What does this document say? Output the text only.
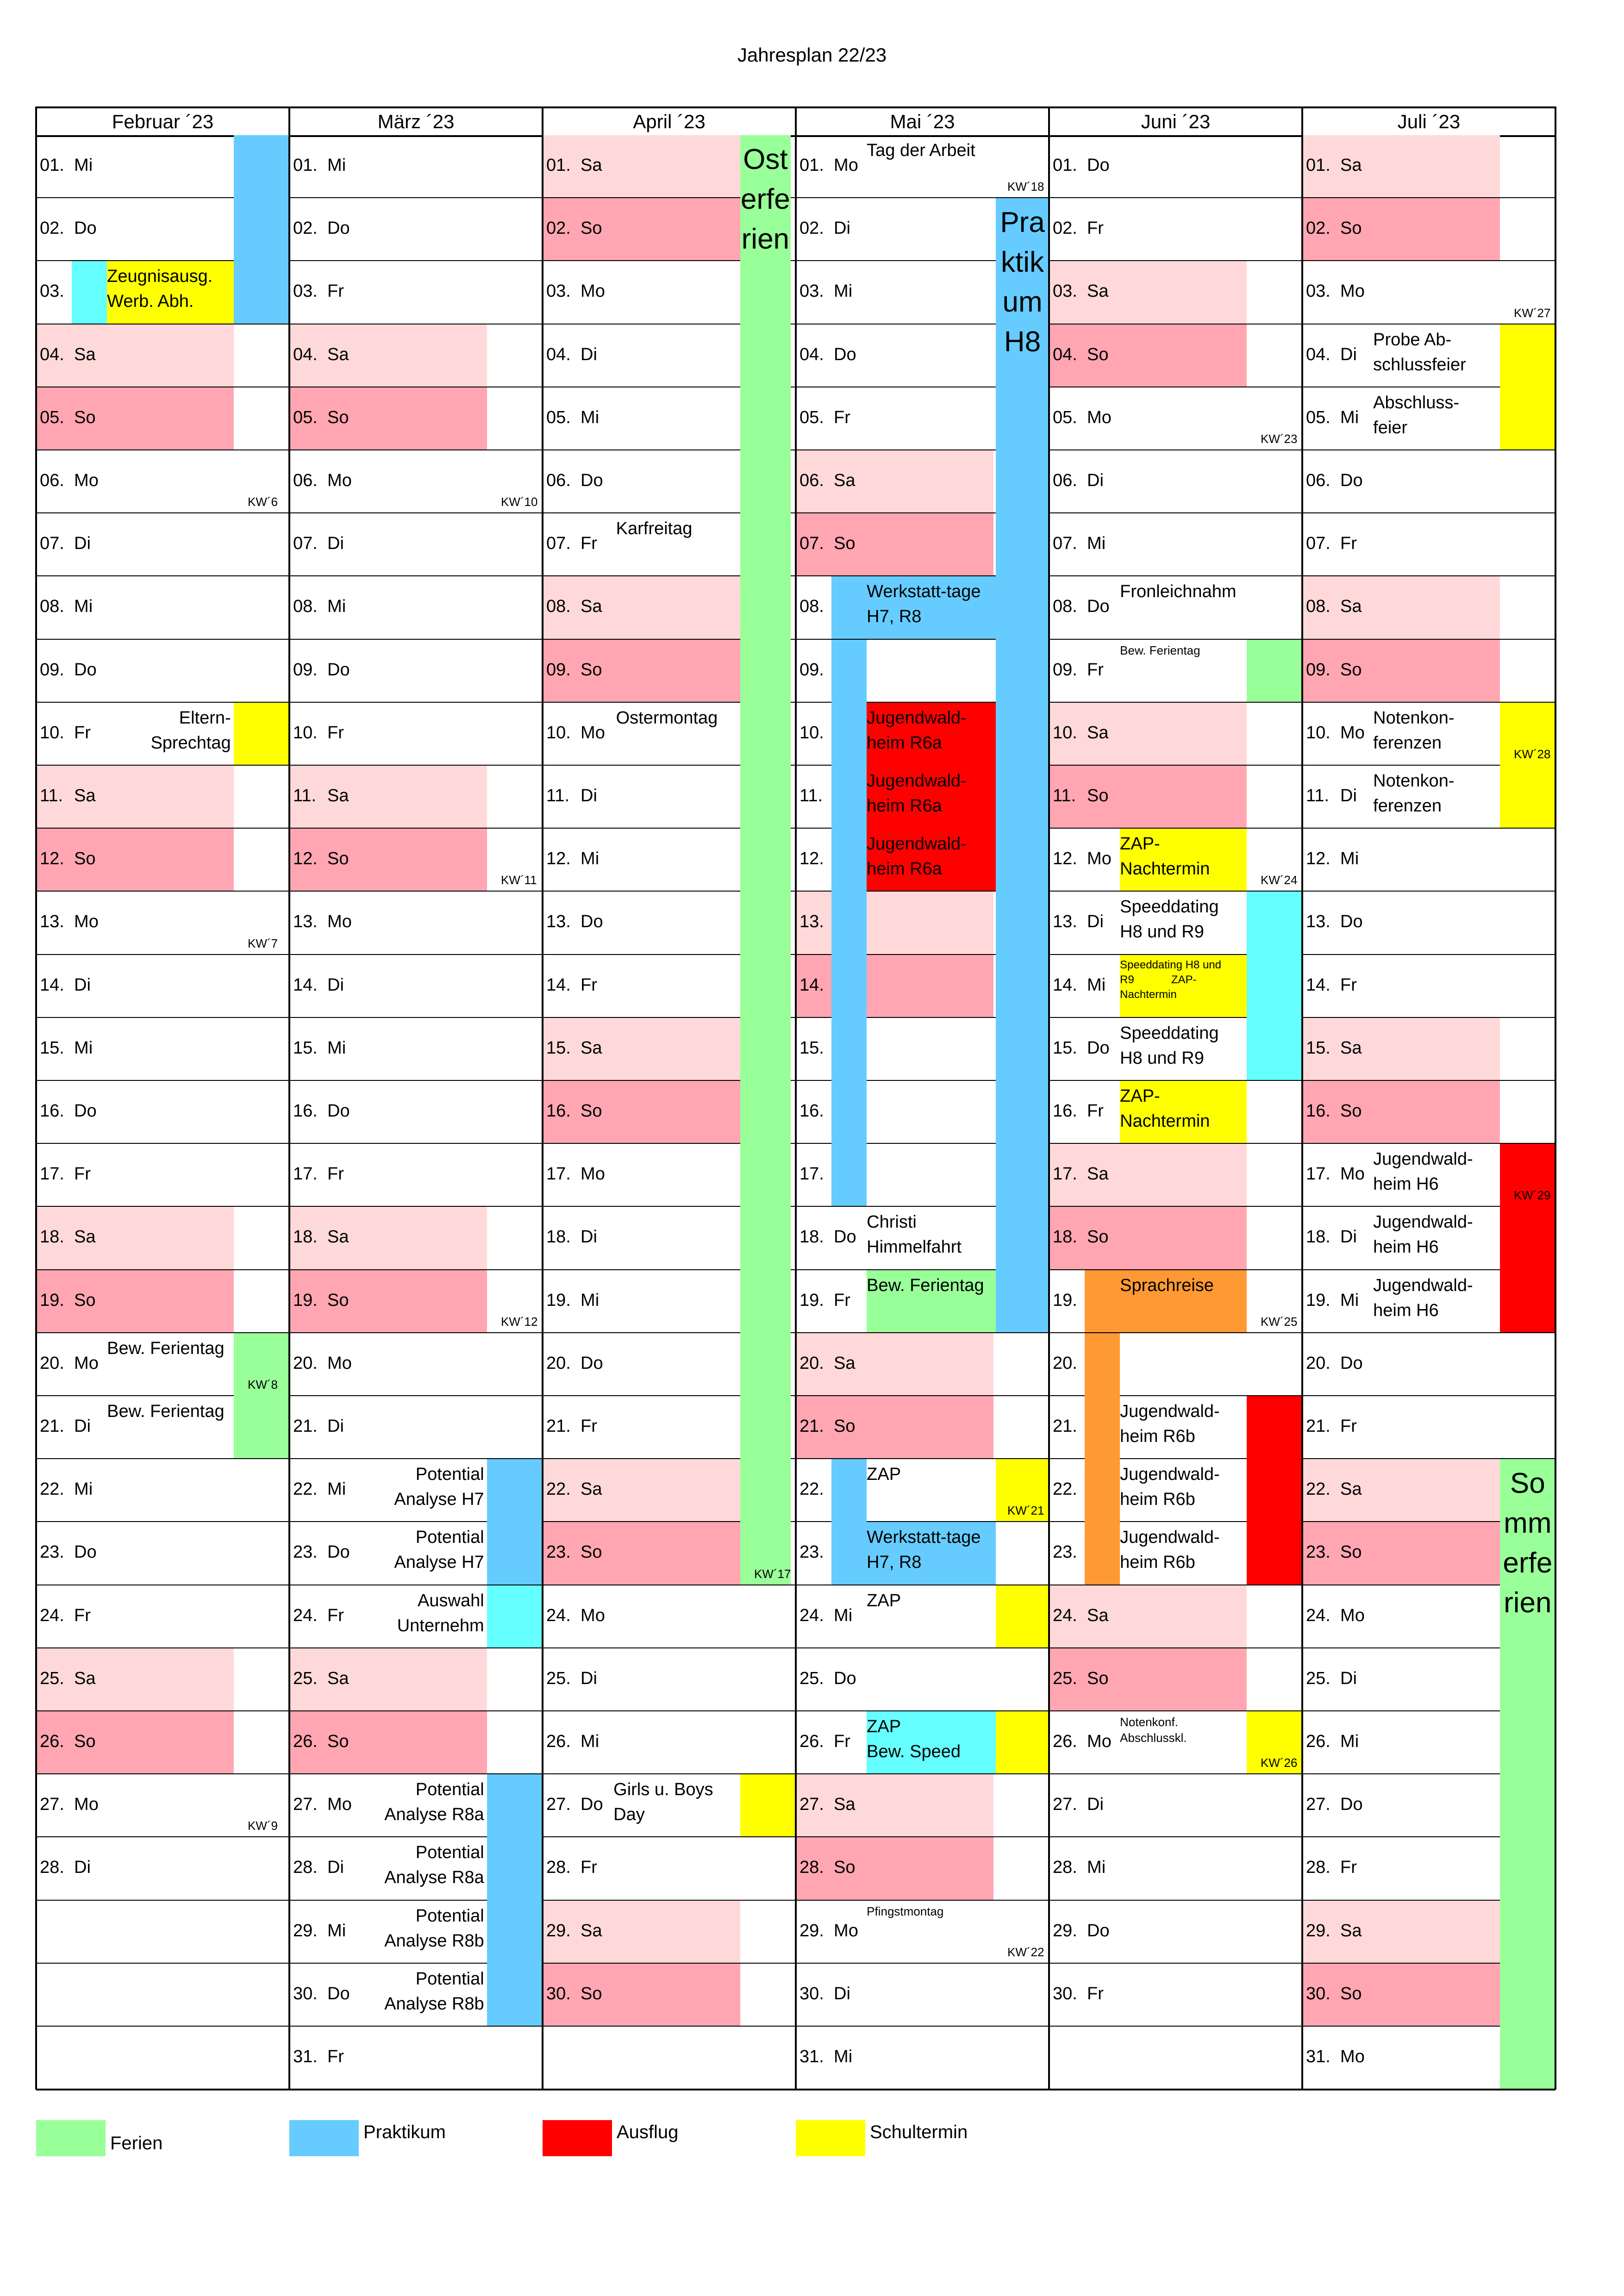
Jahresplan 22/23
Februar ´23
01. Mi
02. Do
03.
04. Sa
05. So
06. Mo
07. Di
08. Mi
09. Do
10. Fr
11. Sa
12. So
13. Mo
14. Di
15. Mi
16. Do
17. Fr
18. Sa
19. So
20. Mo
21. Di
22. Mi
23. Do
24. Fr
25. Sa
26. So
27. Mo
28. Di
März ´23
01. Mi
02. Do
03. Fr
04. Sa
05. So
06. Mo
07. Di
08. Mi
09. Do
10. Fr
11. Sa
12. So
13. Mo
14. Di
15. Mi
16. Do
17. Fr
18. Sa
19. So
20. Mo
21. Di
22. Mi
23. Do
24. Fr
25. Sa
26. So
27. Mo
28. Di
29. Mi
30. Do
31. Fr
April ´23
01. Sa
02. So
03. Mo
04. Di
05. Mi
06. Do
07. Fr
08. Sa
09. So
10. Mo
11. Di
12. Mi
13. Do
14. Fr
15. Sa
16. So
17. Mo
18. Di
19. Mi
20. Do
21. Fr
22. Sa
23. So
24. Mo
25. Di
26. Mi
27. Do
28. Fr
29. Sa
30. So
Mai ´23
01. Mo
02. Di
03. Mi
04. Do
05. Fr
06. Sa
07. So
08.
09.
10.
11.
12.
13.
14.
15.
16.
17.
18. Do
19. Fr
20. Sa
21. So
22.
23.
24. Mi
25. Do
26. Fr
27. Sa
28. So
29. Mo
30. Di
31. Mi
Juni ´23
01. Do
02. Fr
03. Sa
04. So
05. Mo
06. Di
07. Mi
08. Do
09. Fr
10. Sa
11. So
12. Mo
13. Di
14. Mi
15. Do
16. Fr
17. Sa
18. So
19.
20.
21.
22.
23.
24. Sa
25. So
26. Mo
27. Di
28. Mi
29. Do
30. Fr
Juli ´23
01. Sa
02. So
03. Mo
04. Di
05. Mi
06. Do
07. Fr
08. Sa
09. So
10. Mo
11. Di
12. Mi
13. Do
14. Fr
15. Sa
16. So
17. Mo
18. Di
19. Mi
20. Do
21. Fr
22. Sa
23. So
24. Mo
25. Di
26. Mi
27. Do
28. Fr
29. Sa
30. So
31. Mo
Zeugnisausg.
Werb. Abh.
Eltern-
Sprechtag
Bew. Ferientag
Bew. Ferientag
KW´6
KW´7
KW´8
KW´9
Potential
Analyse H7
Potential
Analyse H7
Auswahl
Unternehm
Potential
Analyse R8a
Potential
Analyse R8a
Potential
Analyse R8b
Potential
Analyse R8b
KW´10
KW´11
KW´12
Karfreitag
Ostermontag
Girls u. Boys
Day
KW´17
Tag der Arbeit
Werkstatt-tage
H7, R8
Jugendwald-
heim R6a
Jugendwald-
heim R6a
Jugendwald-
heim R6a
Christi
Himmelfahrt
Bew. Ferientag
ZAP
Werkstatt-tage
H7, R8
ZAP
ZAP
Bew. Speed
Pfingstmontag
KW´18
KW´21
KW´22
Fronleichnahm
Bew. Ferientag
ZAP-
Nachtermin
Speeddating
H8 und R9
Speeddating H8 und
R9            ZAP-
Nachtermin
Speeddating
H8 und R9
ZAP-
Nachtermin
Sprachreise
Jugendwald-
heim R6b
Jugendwald-
heim R6b
Jugendwald-
heim R6b
Notenkonf.
Abschlusskl.
KW´23
KW´24
KW´25
KW´26
Probe Ab-
schlussfeier
Abschluss-
feier
Notenkon-
ferenzen
Notenkon-
ferenzen
Jugendwald-
heim H6
Jugendwald-
heim H6
Jugendwald-
heim H6
KW´27
KW´28
KW´29
Osterferien
Praktikum H8
Sommerferien
Ferien
Praktikum	Ausflug	Schultermin
